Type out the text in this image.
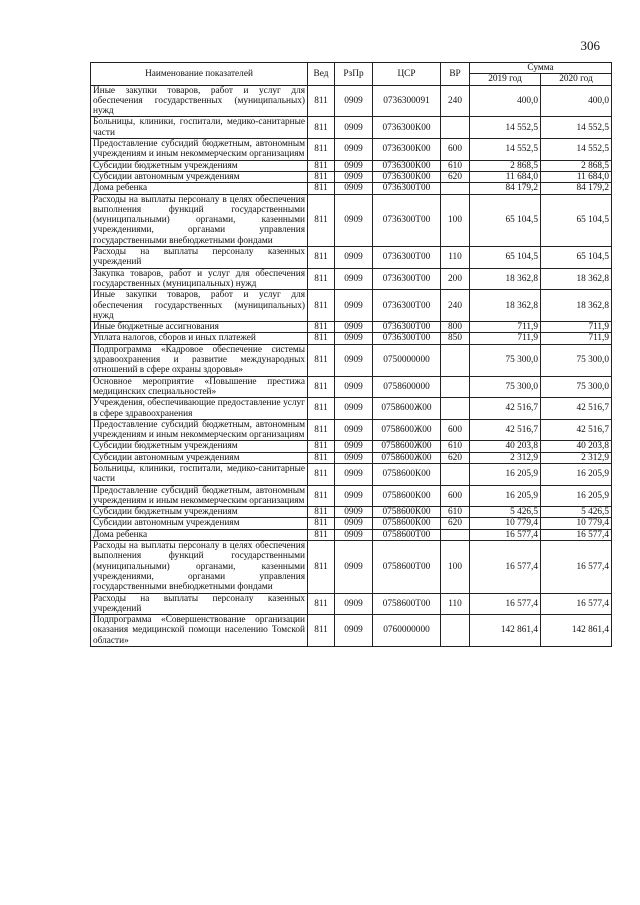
306
Наименование показателей	Вед	РзПр	ЦСР	ВР	Сумма	
					2019 год	2020 год
Иные закупки товаров, работ и услуг для обеспечения государственных (муниципальных) нужд	811	0909	0736300091	240	400,0	400,0
Больницы, клиники, госпитали, медико-санитарные части	811	0909	0736300К00		14 552,5	14 552,5
Предоставление субсидий бюджетным, автономным учреждениям и иным некоммерческим организациям	811	0909	0736300К00	600	14 552,5	14 552,5
Субсидии бюджетным учреждениям	811	0909	0736300К00	610	2 868,5	2 868,5
Субсидии автономным учреждениям	811	0909	0736300К00	620	11 684,0	11 684,0
Дома ребенка	811	0909	0736300Т00		84 179,2	84 179,2
Расходы на выплаты персоналу в целях обеспечения выполнения функций государственными (муниципальными) органами, казенными учреждениями, органами управления государственными внебюджетными фондами	811	0909	0736300Т00	100	65 104,5	65 104,5
Расходы на выплаты персоналу казенных учреждений	811	0909	0736300Т00	110	65 104,5	65 104,5
Закупка товаров, работ и услуг для обеспечения государственных (муниципальных) нужд	811	0909	0736300Т00	200	18 362,8	18 362,8
Иные закупки товаров, работ и услуг для обеспечения государственных (муниципальных) нужд	811	0909	0736300Т00	240	18 362,8	18 362,8
Иные бюджетные ассигнования	811	0909	0736300Т00	800	711,9	711,9
Уплата налогов, сборов и иных платежей	811	0909	0736300Т00	850	711,9	711,9
Подпрограмма «Кадровое обеспечение системы здравоохранения и развитие международных отношений в сфере охраны здоровья»	811	0909	0750000000		75 300,0	75 300,0
Основное мероприятие «Повышение престижа медицинских специальностей»	811	0909	0758600000		75 300,0	75 300,0
Учреждения, обеспечивающие предоставление услуг в сфере здравоохранения	811	0909	0758600Ж00		42 516,7	42 516,7
Предоставление субсидий бюджетным, автономным учреждениям и иным некоммерческим организациям	811	0909	0758600Ж00	600	42 516,7	42 516,7
Субсидии бюджетным учреждениям	811	0909	0758600Ж00	610	40 203,8	40 203,8
Субсидии автономным учреждениям	811	0909	0758600Ж00	620	2 312,9	2 312,9
Больницы, клиники, госпитали, медико-санитарные части	811	0909	0758600К00		16 205,9	16 205,9
Предоставление субсидий бюджетным, автономным учреждениям и иным некоммерческим организациям	811	0909	0758600К00	600	16 205,9	16 205,9
Субсидии бюджетным учреждениям	811	0909	0758600К00	610	5 426,5	5 426,5
Субсидии автономным учреждениям	811	0909	0758600К00	620	10 779,4	10 779,4
Дома ребенка	811	0909	0758600Т00		16 577,4	16 577,4
Расходы на выплаты персоналу в целях обеспечения выполнения функций государственными (муниципальными) органами, казенными учреждениями, органами управления государственными внебюджетными фондами	811	0909	0758600Т00	100	16 577,4	16 577,4
Расходы на выплаты персоналу казенных учреждений	811	0909	0758600Т00	110	16 577,4	16 577,4
Подпрограмма «Совершенствование организации оказания медицинской помощи населению Томской области»	811	0909	0760000000		142 861,4	142 861,4
